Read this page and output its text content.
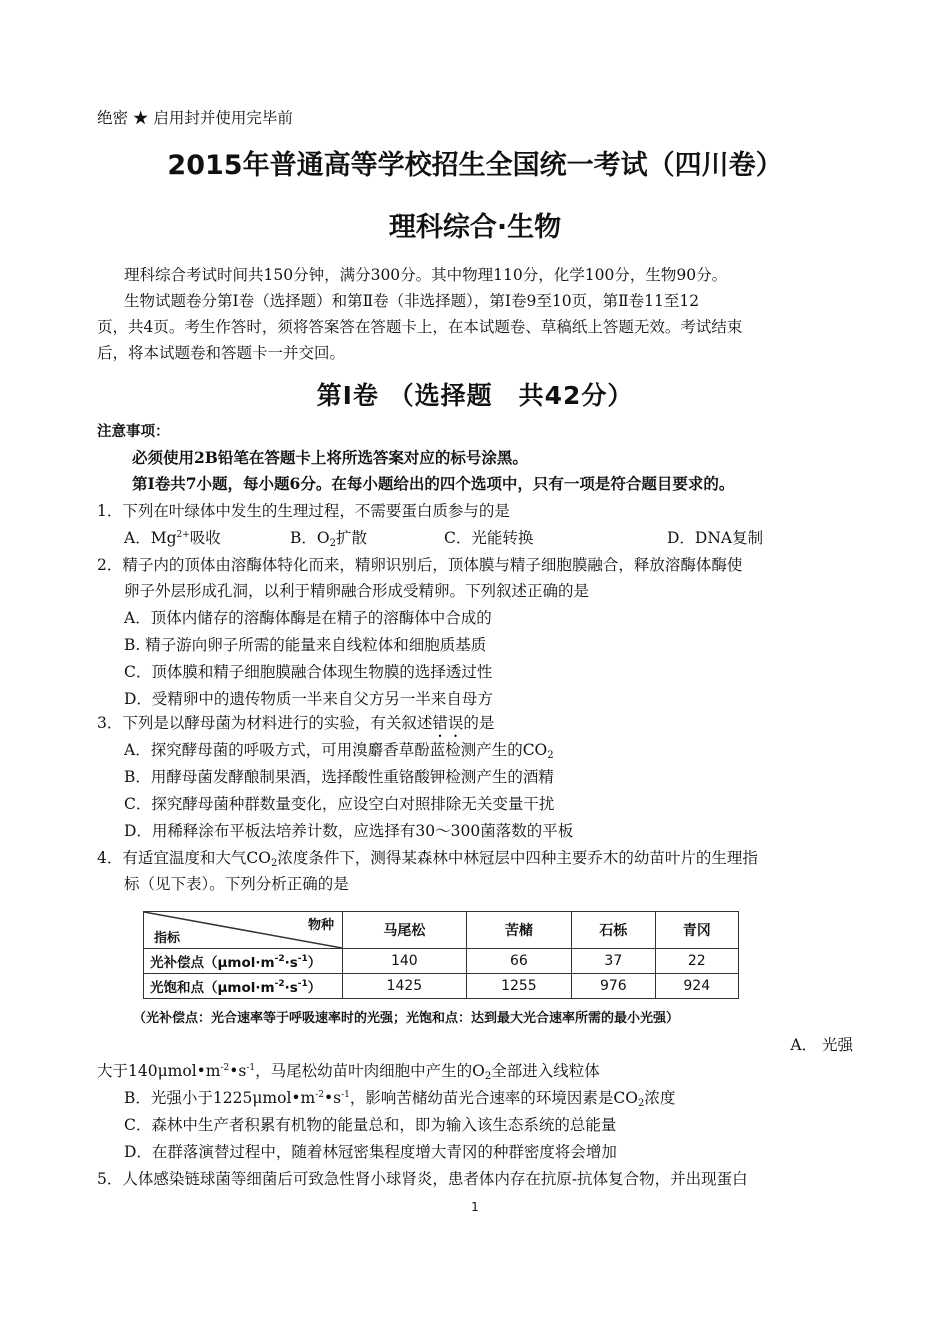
绝密 ★ 启用封并使用完毕前
2015年普通高等学校招生全国统一考试（四川卷）
理科综合·生物
理科综合考试时间共150分钟，满分300分。其中物理110分，化学100分，生物90分。
生物试题卷分第Ⅰ卷（选择题）和第Ⅱ卷（非选择题），第Ⅰ卷9至10页，第Ⅱ卷11至12
页，共4页。考生作答时，须将答案答在答题卡上，在本试题卷、草稿纸上答题无效。考试结束
后，将本试题卷和答题卡一并交回。
第Ⅰ卷 （选择题　共42分）
注意事项：
必须使用2B铅笔在答题卡上将所选答案对应的标号涂黑。
第Ⅰ卷共7小题，每小题6分。在每小题给出的四个选项中，只有一项是符合题目要求的。
1．下列在叶绿体中发生的生理过程，不需要蛋白质参与的是
A．$Mg^{2+}$吸收	B．$O_2$扩散	C．光能转换	D．DNA复制
2．精子内的顶体由溶酶体特化而来，精卵识别后，顶体膜与精子细胞膜融合，释放溶酶体酶使
卵子外层形成孔洞，以利于精卵融合形成受精卵。下列叙述正确的是
A．顶体内储存的溶酶体酶是在精子的溶酶体中合成的
B. 精子游向卵子所需的能量来自线粒体和细胞质基质
C．顶体膜和精子细胞膜融合体现生物膜的选择透过性
D．受精卵中的遗传物质一半来自父方另一半来自母方
3．下列是以酵母菌为材料进行的实验，有关叙述错误的是
A．探究酵母菌的呼吸方式，可用溴麝香草酚蓝检测产生的$CO_2$
B．用酵母菌发酵酿制果酒，选择酸性重铬酸钾检测产生的酒精
C．探究酵母菌种群数量变化，应设空白对照排除无关变量干扰
D．用稀释涂布平板法培养计数，应选择有30～300菌落数的平板
4．有适宜温度和大气$CO_2$浓度条件下，测得某森林中林冠层中四种主要乔木的幼苗叶片的生理指
标（见下表）。下列分析正确的是
物种
指标	马尾松	苦槠	石栎	青冈
光补偿点$(\mu mol\cdot m^{-2}\cdot s^{-1})$	140	66	37	22
光饱和点$(\mu mol\cdot m^{-2}\cdot s^{-1})$	1425	1255	976	924
（光补偿点：光合速率等于呼吸速率时的光强；光饱和点：达到最大光合速率所需的最小光强）
A． 光强
大于$140\mu mol•m^{-2}•s^{-1}$，马尾松幼苗叶肉细胞中产生的$O_2$全部进入线粒体
B．光强小于$1225\mu mol•m^{-2}•s^{-1}$，影响苦槠幼苗光合速率的环境因素是$CO_2$浓度
C．森林中生产者积累有机物的能量总和，即为输入该生态系统的总能量
D．在群落演替过程中，随着林冠密集程度增大青冈的种群密度将会增加
5．人体感染链球菌等细菌后可致急性肾小球肾炎，患者体内存在抗原-抗体复合物，并出现蛋白
1
